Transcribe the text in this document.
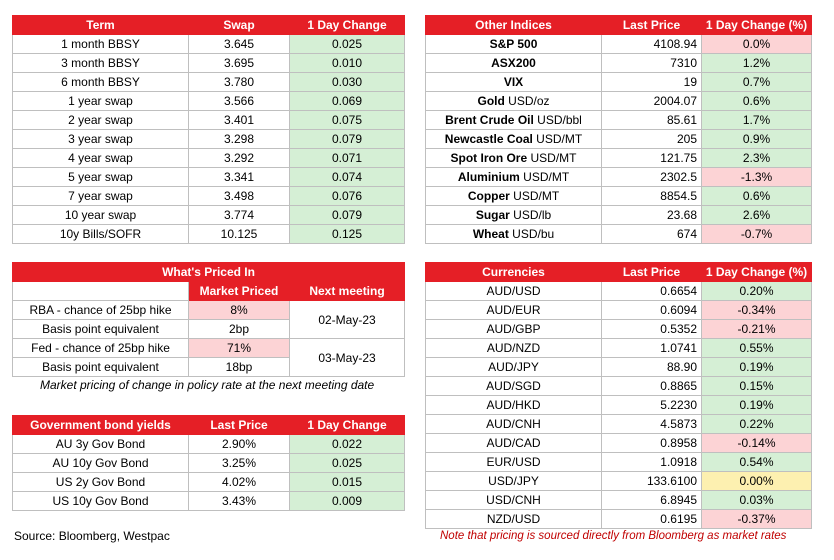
Term	Swap	1 Day Change
1 month BBSY	3.645	0.025
3 month BBSY	3.695	0.010
6 month BBSY	3.780	0.030
1 year swap	3.566	0.069
2 year swap	3.401	0.075
3 year swap	3.298	0.079
4 year swap	3.292	0.071
5 year swap	3.341	0.074
7 year swap	3.498	0.076
10 year swap	3.774	0.079
10y Bills/SOFR	10.125	0.125
Other Indices	Last Price	1 Day Change (%)
S&P 500	4108.94	0.0%
ASX200	7310	1.2%
VIX	19	0.7%
Gold USD/oz	2004.07	0.6%
Brent Crude Oil USD/bbl	85.61	1.7%
Newcastle Coal USD/MT	205	0.9%
Spot Iron Ore USD/MT	121.75	2.3%
Aluminium USD/MT	2302.5	-1.3%
Copper USD/MT	8854.5	0.6%
Sugar USD/lb	23.68	2.6%
Wheat USD/bu	674	-0.7%
What's Priced In		
	Market Priced	Next meeting
RBA - chance of 25bp hike	8%	02-May-23
Basis point equivalent	2bp	
Fed - chance of 25bp hike	71%	03-May-23
Basis point equivalent	18bp	
Market pricing of change in policy rate at the next meeting date
Government bond yields	Last Price	1 Day Change
AU 3y Gov Bond	2.90%	0.022
AU 10y Gov Bond	3.25%	0.025
US 2y Gov Bond	4.02%	0.015
US 10y Gov Bond	3.43%	0.009
Currencies	Last Price	1 Day Change (%)
AUD/USD	0.6654	0.20%
AUD/EUR	0.6094	-0.34%
AUD/GBP	0.5352	-0.21%
AUD/NZD	1.0741	0.55%
AUD/JPY	88.90	0.19%
AUD/SGD	0.8865	0.15%
AUD/HKD	5.2230	0.19%
AUD/CNH	4.5873	0.22%
AUD/CAD	0.8958	-0.14%
EUR/USD	1.0918	0.54%
USD/JPY	133.6100	0.00%
USD/CNH	6.8945	0.03%
NZD/USD	0.6195	-0.37%
Source: Bloomberg, Westpac	Note that pricing is sourced directly from Bloomberg as market rates
